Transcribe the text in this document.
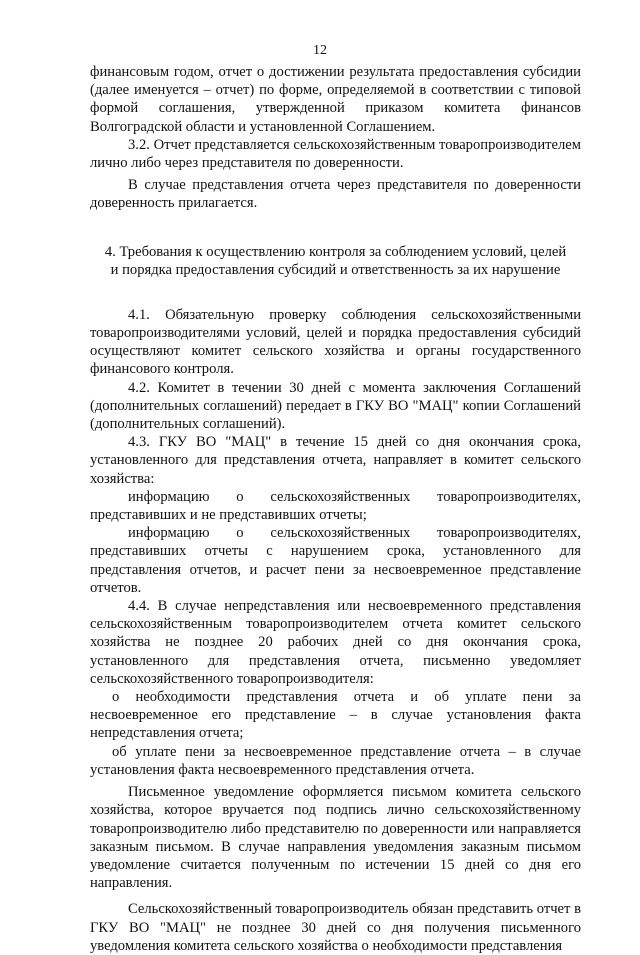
12

финансовым годом, отчет о достижении результата предоставления субсидии (далее именуется – отчет) по форме, определяемой в соответствии с типовой формой соглашения, утвержденной приказом комитета финансов Волгоградской области и установленной Соглашением.

3.2. Отчет представляется сельскохозяйственным товаропроизводителем лично либо через представителя по доверенности.

В случае представления отчета через представителя по доверенности доверенность прилагается.

4. Требования к осуществлению контроля за соблюдением условий, целей
и порядка предоставления субсидий и ответственность за их нарушение

4.1. Обязательную проверку соблюдения сельскохозяйственными товаропроизводителями условий, целей и порядка предоставления субсидий осуществляют комитет сельского хозяйства и органы государственного финансового контроля.

4.2. Комитет в течении 30 дней с момента заключения Соглашений (дополнительных соглашений) передает в ГКУ ВО "МАЦ" копии Соглашений (дополнительных соглашений).

4.3. ГКУ ВО "МАЦ" в течение 15 дней со дня окончания срока, установленного для представления отчета, направляет в комитет сельского хозяйства:

информацию о сельскохозяйственных товаропроизводителях, представивших и не представивших отчеты;

информацию о сельскохозяйственных товаропроизводителях, представивших отчеты с нарушением срока, установленного для представления отчетов, и расчет пени за несвоевременное представление отчетов.

4.4. В случае непредставления или несвоевременного представления сельскохозяйственным товаропроизводителем отчета комитет сельского хозяйства не позднее 20 рабочих дней со дня окончания срока, установленного для представления отчета, письменно уведомляет сельскохозяйственного товаропроизводителя:

о необходимости представления отчета и об уплате пени за несвоевременное его представление – в случае установления факта непредставления отчета;

об уплате пени за несвоевременное представление отчета – в случае установления факта несвоевременного представления отчета.

Письменное уведомление оформляется письмом комитета сельского хозяйства, которое вручается под подпись лично сельскохозяйственному товаропроизводителю либо представителю по доверенности или направляется заказным письмом. В случае направления уведомления заказным письмом уведомление считается полученным по истечении 15 дней со дня его направления.

Сельскохозяйственный товаропроизводитель обязан представить отчет в ГКУ ВО "МАЦ" не позднее 30 дней со дня получения письменного уведомления комитета сельского хозяйства о необходимости представления
